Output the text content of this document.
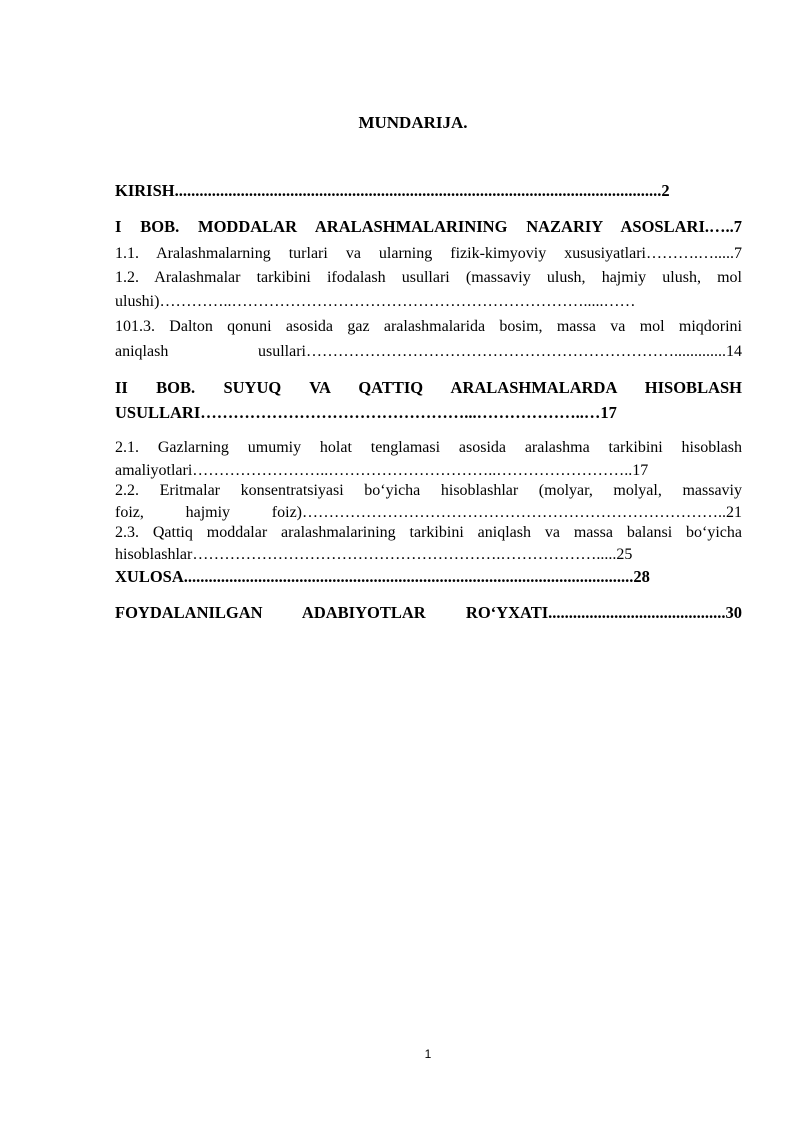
MUNDARIJA.
KIRISH......................................................................................................................2
I BOB. MODDALAR ARALASHMALARINING NAZARIY ASOSLARI.…..7
1.1. Aralashmalarning turlari va ularning fizik-kimyoviy xususiyatlari……….….....7
1.2. Aralashmalar tarkibini ifodalash usullari (massaviy ulush, hajmiy ulush, mol
ulushi)…………..………………………………………………………….....……
101.3. Dalton qonuni asosida gaz aralashmalarida bosim, massa va mol miqdorini
aniqlash usullari…………………………………………………………….............14
II BOB. SUYUQ VA QATTIQ ARALASHMALARDA HISOBLASH
USULLARI…………………………………………...………………..…17
2.1. Gazlarning umumiy holat tenglamasi asosida aralashma tarkibini hisoblash
amaliyotlari……………………..…………………………..……………………..17
2.2. Eritmalar konsentratsiyasi bo‘yicha hisoblashlar (molyar, molyal, massaviy
foiz, hajmiy foiz)……………………………………………………………………..21
2.3. Qattiq moddalar aralashmalarining tarkibini aniqlash va massa balansi bo‘yicha
hisoblashlar………………………………………………….……………….....25
XULOSA.............................................................................................................28
FOYDALANILGAN ADABIYOTLAR RO‘YXATI...........................................30
1
